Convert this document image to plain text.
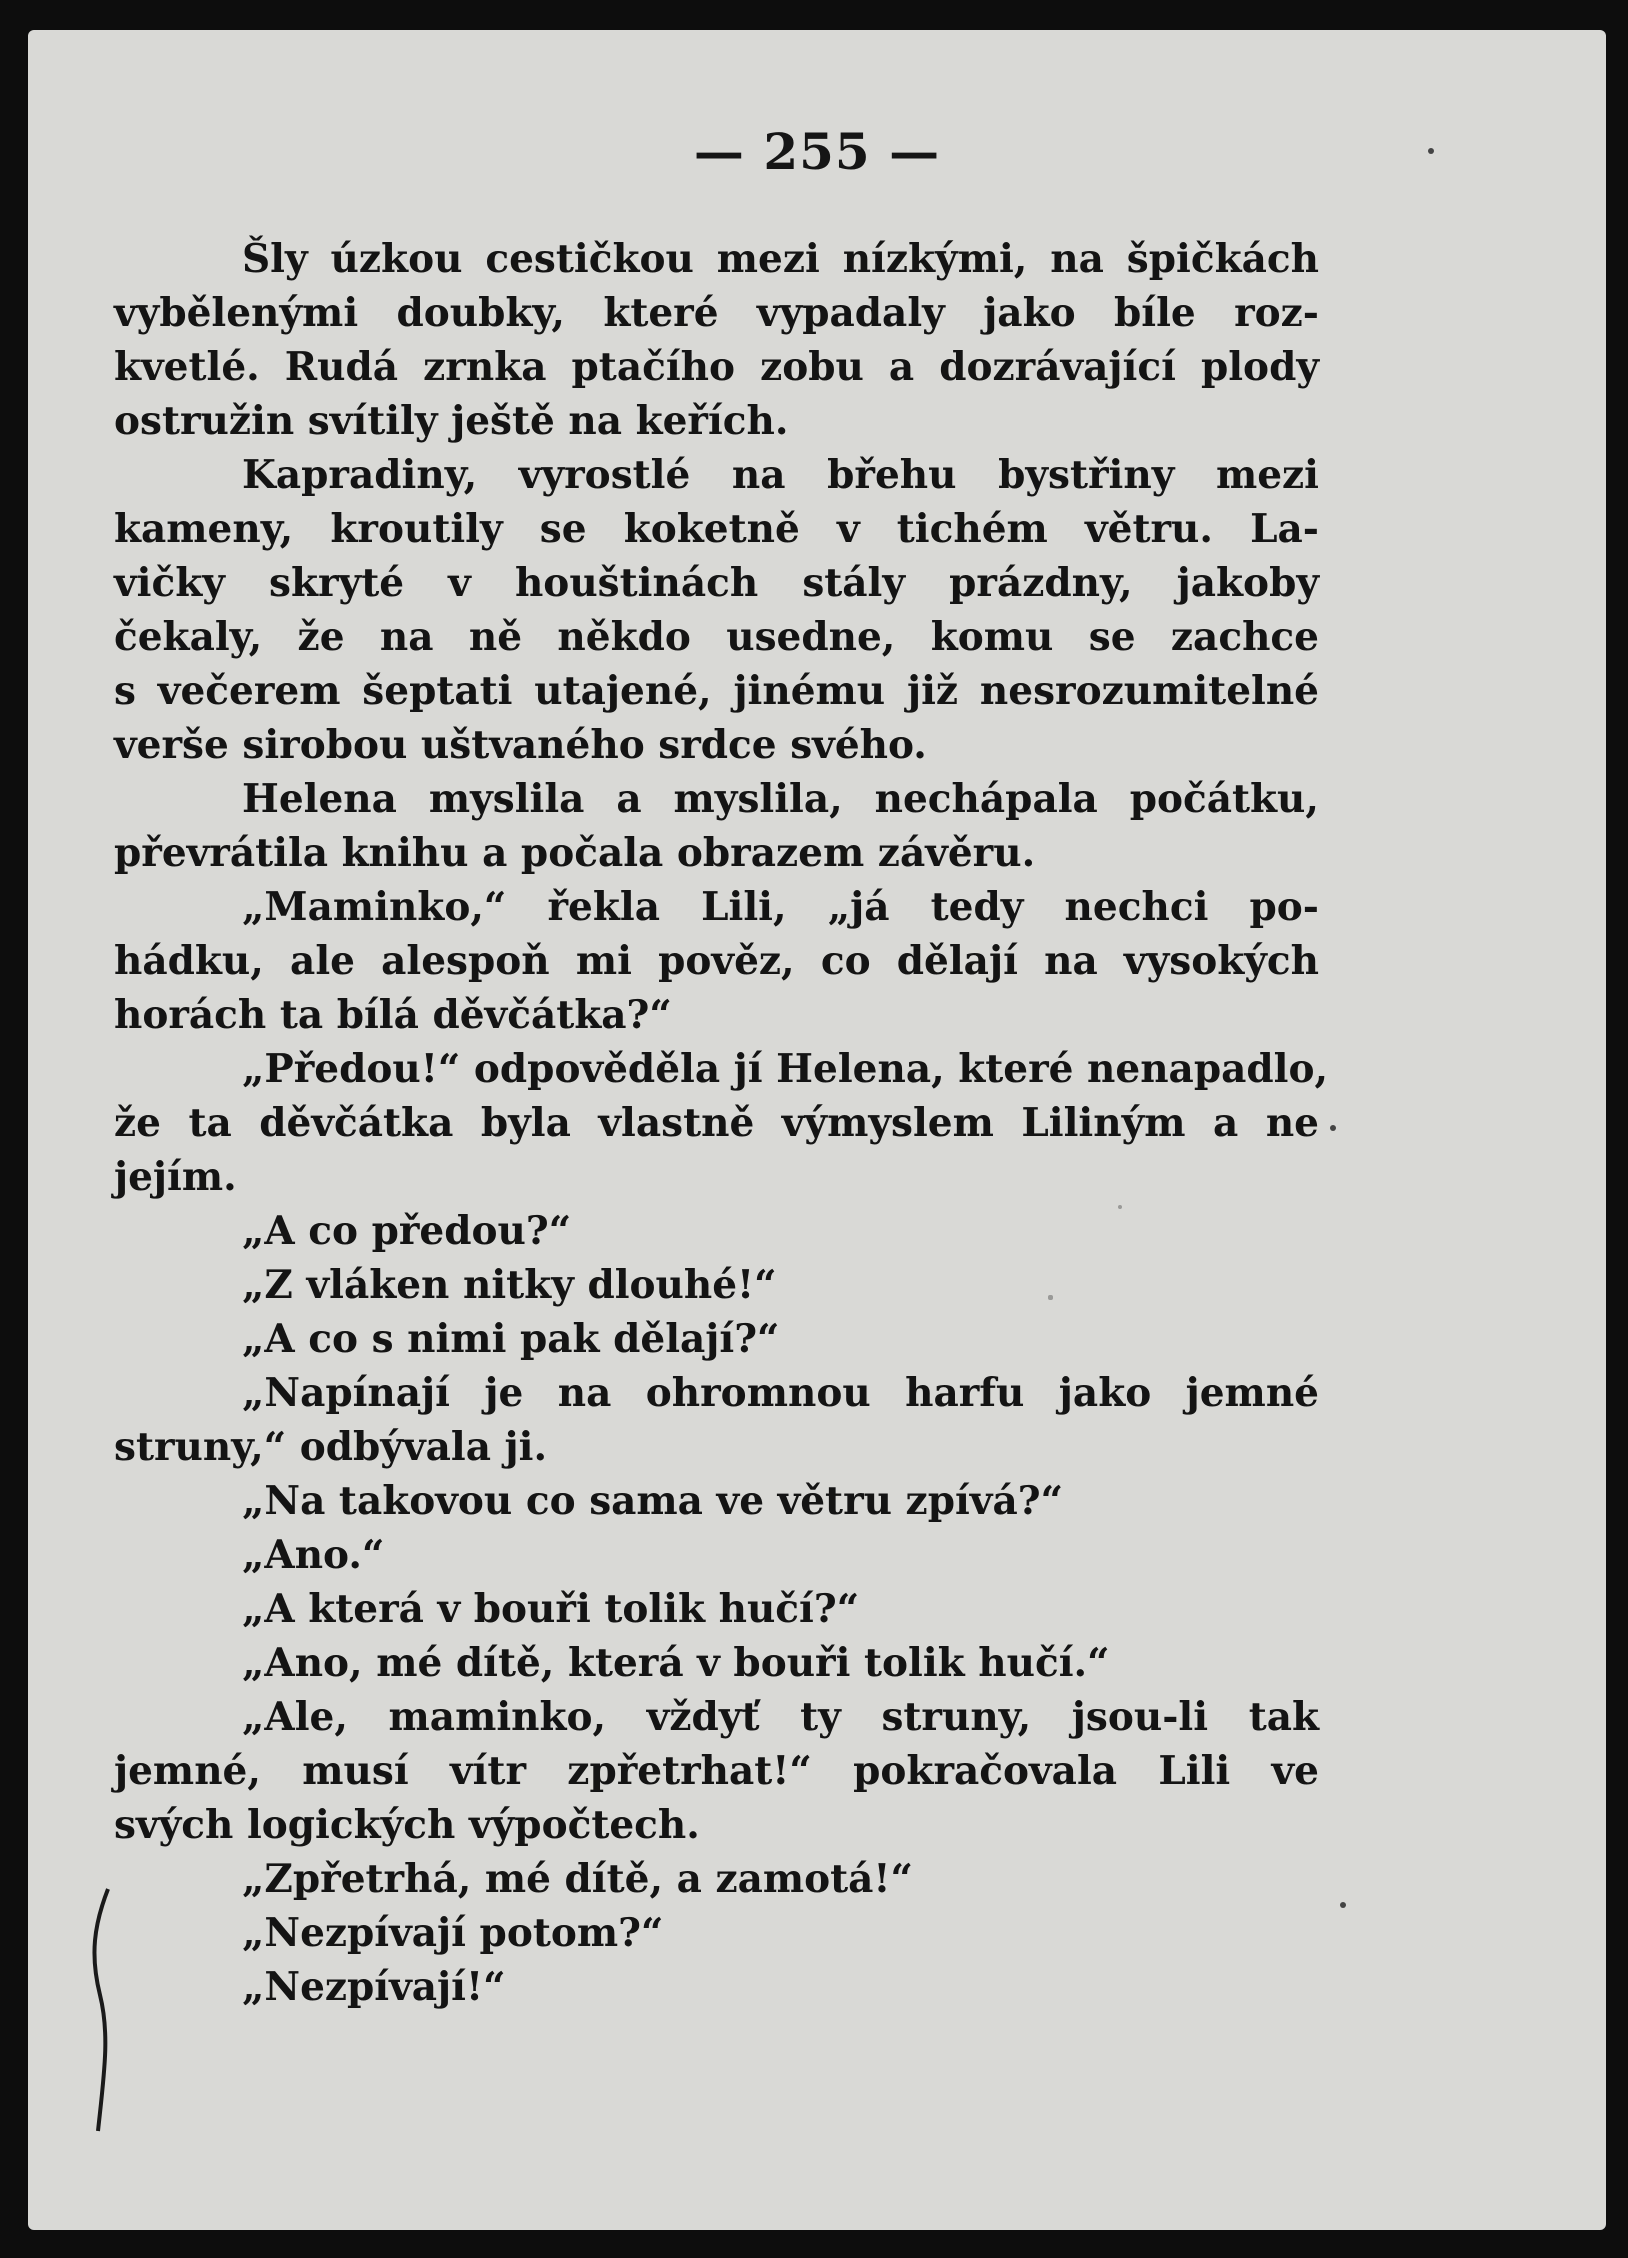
— 255 —
Šly úzkou cestičkou mezi nízkými, na špičkách
vybělenými doubky, které vypadaly jako bíle roz-
kvetlé. Rudá zrnka ptačího zobu a dozrávající plody
ostružin svítily ještě na keřích.
Kapradiny, vyrostlé na břehu bystřiny mezi
kameny, kroutily se koketně v tichém větru. La-
vičky skryté v houštinách stály prázdny, jakoby
čekaly, že na ně někdo usedne, komu se zachce
s večerem šeptati utajené, jinému již nesrozumitelné
verše sirobou uštvaného srdce svého.
Helena myslila a myslila, nechápala počátku,
převrátila knihu a počala obrazem závěru.
„Maminko,“ řekla Lili, „já tedy nechci po-
hádku, ale alespoň mi pověz, co dělají na vysokých
horách ta bílá děvčátka?“
„Předou!“ odpověděla jí Helena, které nenapadlo,
že ta děvčátka byla vlastně výmyslem Liliným a ne
jejím.
„A co předou?“
„Z vláken nitky dlouhé!“
„A co s nimi pak dělají?“
„Napínají je na ohromnou harfu jako jemné
struny,“ odbývala ji.
„Na takovou co sama ve větru zpívá?“
„Ano.“
„A která v bouři tolik hučí?“
„Ano, mé dítě, která v bouři tolik hučí.“
„Ale, maminko, vždyť ty struny, jsou-li tak
jemné, musí vítr zpřetrhat!“ pokračovala Lili ve
svých logických výpočtech.
„Zpřetrhá, mé dítě, a zamotá!“
„Nezpívají potom?“
„Nezpívají!“
